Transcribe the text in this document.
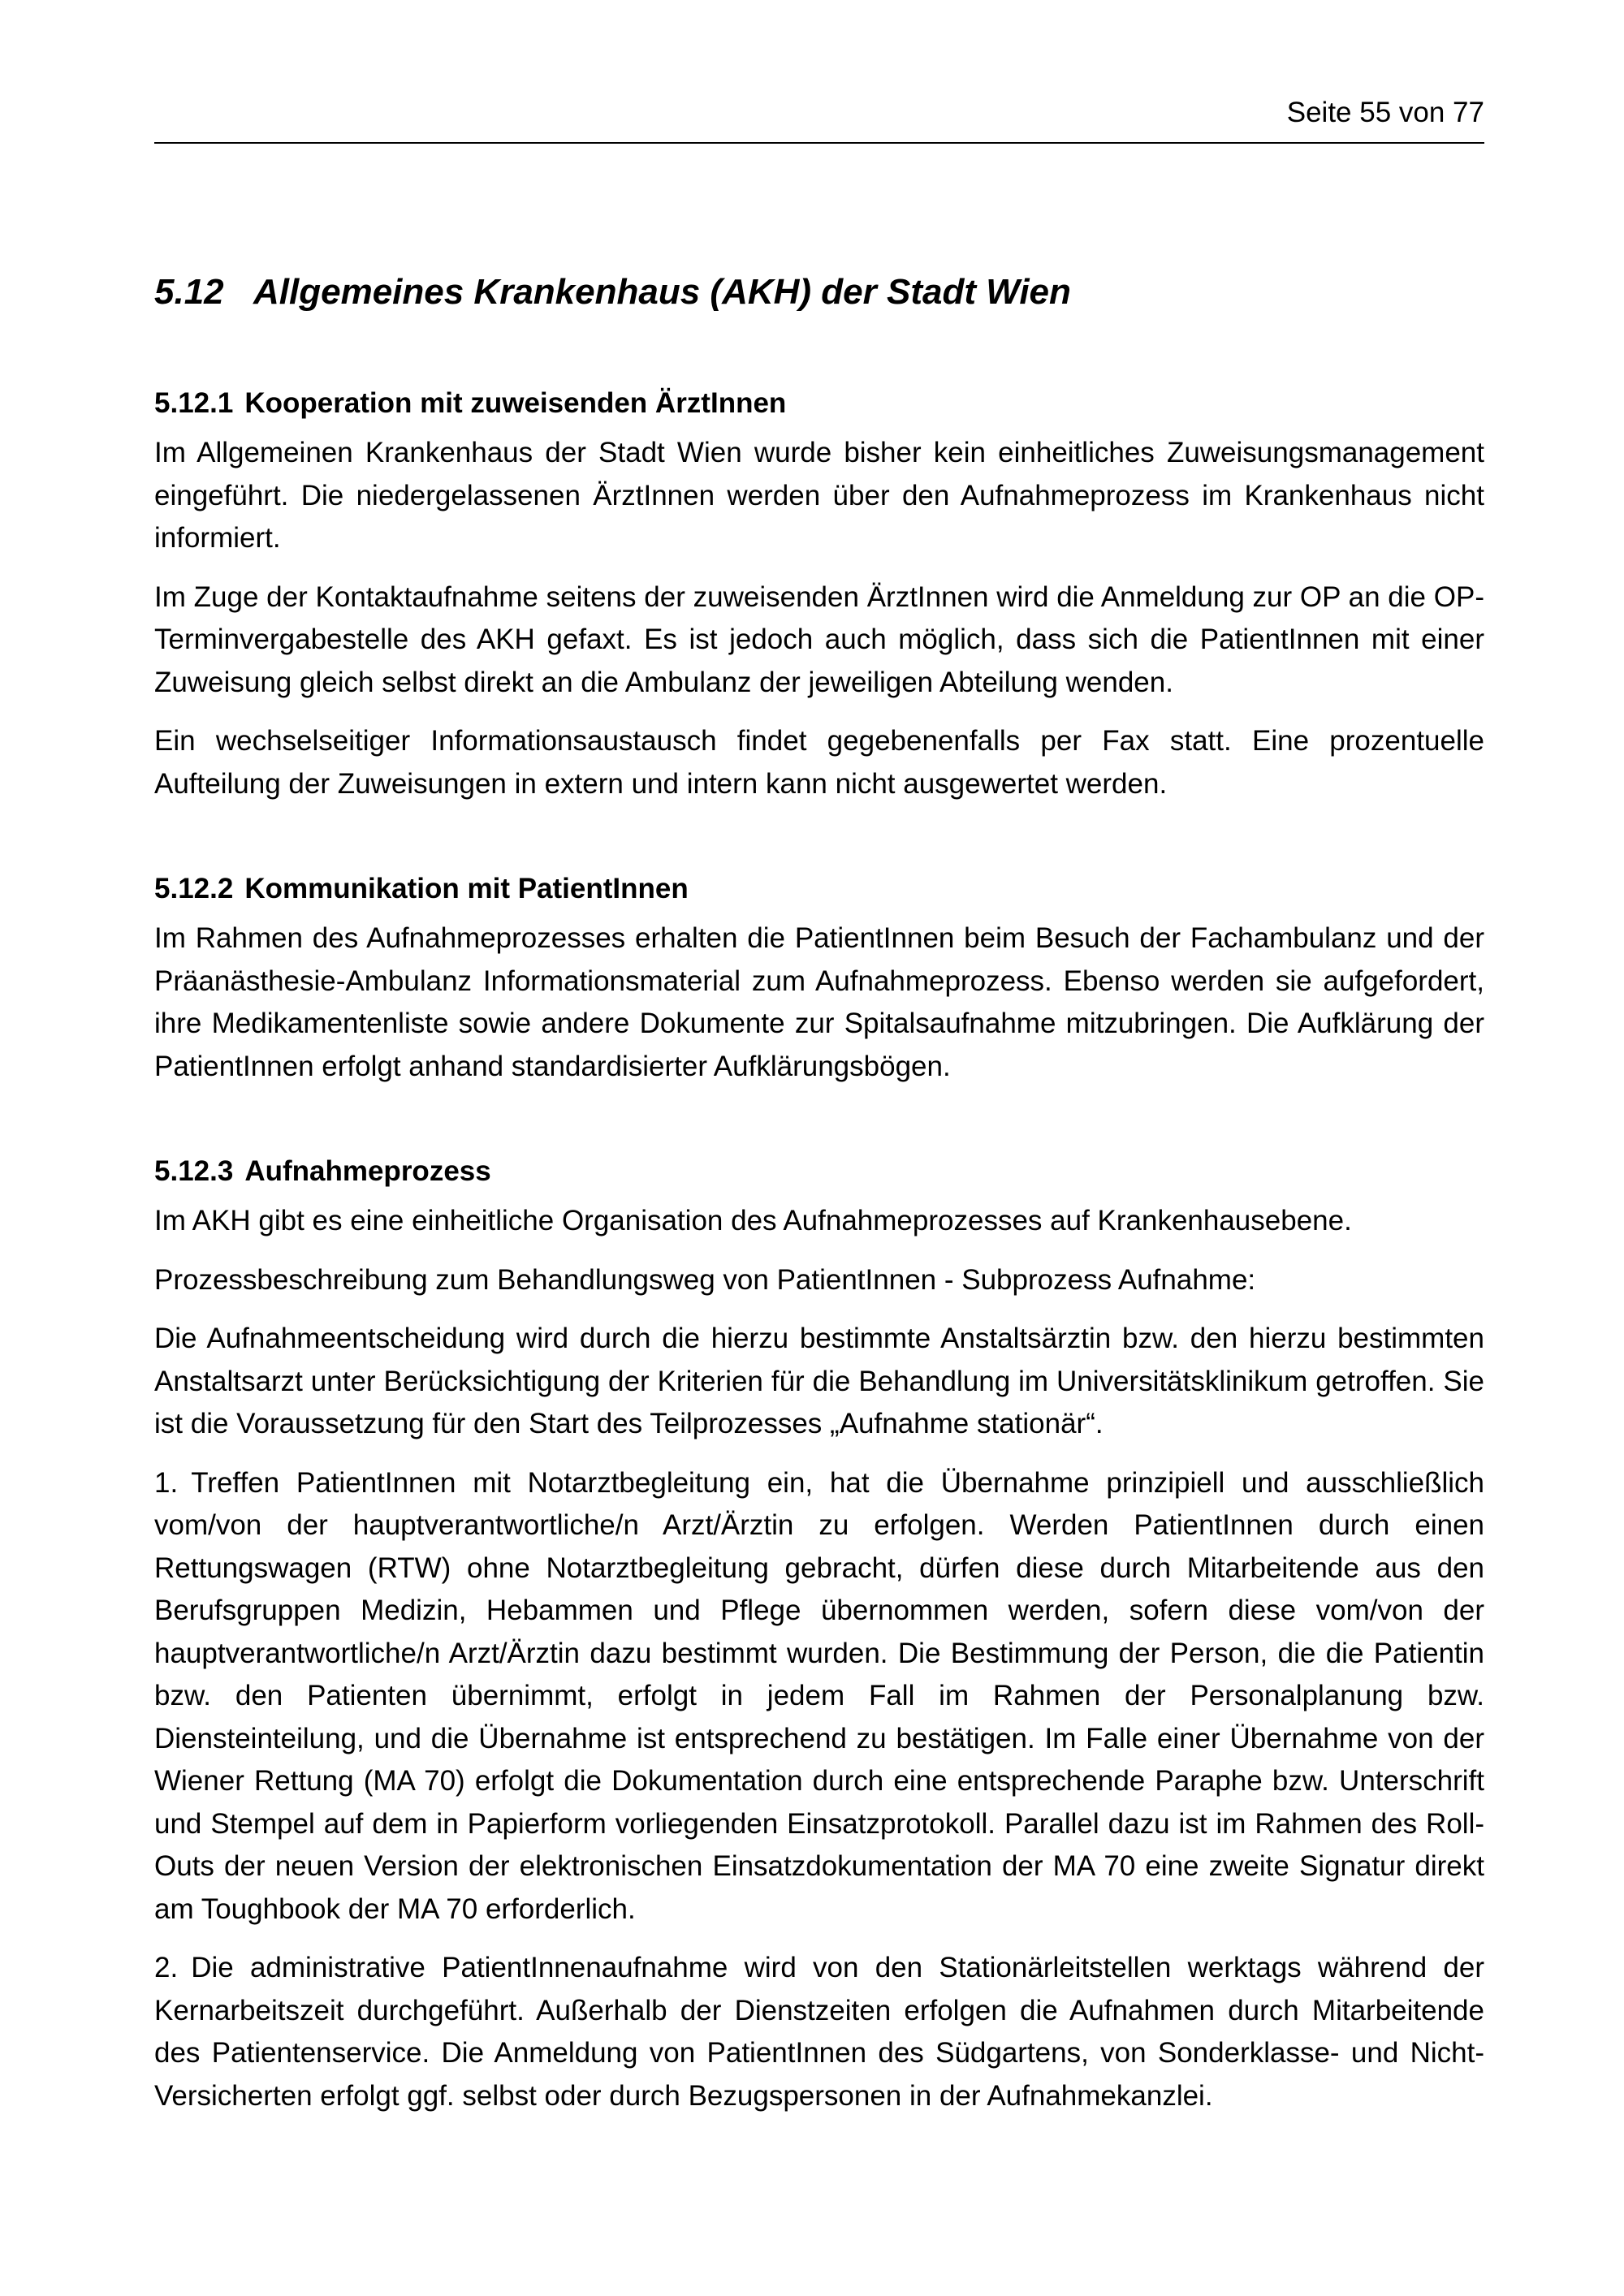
Seite 55 von 77
5.12 Allgemeines Krankenhaus (AKH) der Stadt Wien
5.12.1 Kooperation mit zuweisenden ÄrztInnen

Im Allgemeinen Krankenhaus der Stadt Wien wurde bisher kein einheitliches Zuweisungsmanagement eingeführt. Die niedergelassenen ÄrztInnen werden über den Aufnahmeprozess im Krankenhaus nicht informiert.

Im Zuge der Kontaktaufnahme seitens der zuweisenden ÄrztInnen wird die Anmeldung zur OP an die OP-Terminvergabestelle des AKH gefaxt. Es ist jedoch auch möglich, dass sich die PatientInnen mit einer Zuweisung gleich selbst direkt an die Ambulanz der jeweiligen Abteilung wenden.

Ein wechselseitiger Informationsaustausch findet gegebenenfalls per Fax statt. Eine prozentuelle Aufteilung der Zuweisungen in extern und intern kann nicht ausgewertet werden.

5.12.2 Kommunikation mit PatientInnen

Im Rahmen des Aufnahmeprozesses erhalten die PatientInnen beim Besuch der Fachambulanz und der Präanästhesie-Ambulanz Informationsmaterial zum Aufnahmeprozess. Ebenso werden sie aufgefordert, ihre Medikamentenliste sowie andere Dokumente zur Spitalsaufnahme mitzubringen. Die Aufklärung der PatientInnen erfolgt anhand standardisierter Aufklärungsbögen.

5.12.3 Aufnahmeprozess

Im AKH gibt es eine einheitliche Organisation des Aufnahmeprozesses auf Krankenhausebene.

Prozessbeschreibung zum Behandlungsweg von PatientInnen - Subprozess Aufnahme:

Die Aufnahmeentscheidung wird durch die hierzu bestimmte Anstaltsärztin bzw. den hierzu bestimmten Anstaltsarzt unter Berücksichtigung der Kriterien für die Behandlung im Universitätsklinikum getroffen. Sie ist die Voraussetzung für den Start des Teilprozesses „Aufnahme stationär“.

1. Treffen PatientInnen mit Notarztbegleitung ein, hat die Übernahme prinzipiell und ausschließlich vom/von der hauptverantwortliche/n Arzt/Ärztin zu erfolgen. Werden PatientInnen durch einen Rettungswagen (RTW) ohne Notarztbegleitung gebracht, dürfen diese durch Mitarbeitende aus den Berufsgruppen Medizin, Hebammen und Pflege übernommen werden, sofern diese vom/von der hauptverantwortliche/n Arzt/Ärztin dazu bestimmt wurden. Die Bestimmung der Person, die die Patientin bzw. den Patienten übernimmt, erfolgt in jedem Fall im Rahmen der Personalplanung bzw. Diensteinteilung, und die Übernahme ist entsprechend zu bestätigen. Im Falle einer Übernahme von der Wiener Rettung (MA 70) erfolgt die Dokumentation durch eine entsprechende Paraphe bzw. Unterschrift und Stempel auf dem in Papierform vorliegenden Einsatzprotokoll. Parallel dazu ist im Rahmen des Roll-Outs der neuen Version der elektronischen Einsatzdokumentation der MA 70 eine zweite Signatur direkt am Toughbook der MA 70 erforderlich.

2. Die administrative PatientInnenaufnahme wird von den Stationärleitstellen werktags während der Kernarbeitszeit durchgeführt. Außerhalb der Dienstzeiten erfolgen die Aufnahmen durch Mitarbeitende des Patientenservice. Die Anmeldung von PatientInnen des Südgartens, von Sonderklasse- und Nicht-Versicherten erfolgt ggf. selbst oder durch Bezugspersonen in der Aufnahmekanzlei.
